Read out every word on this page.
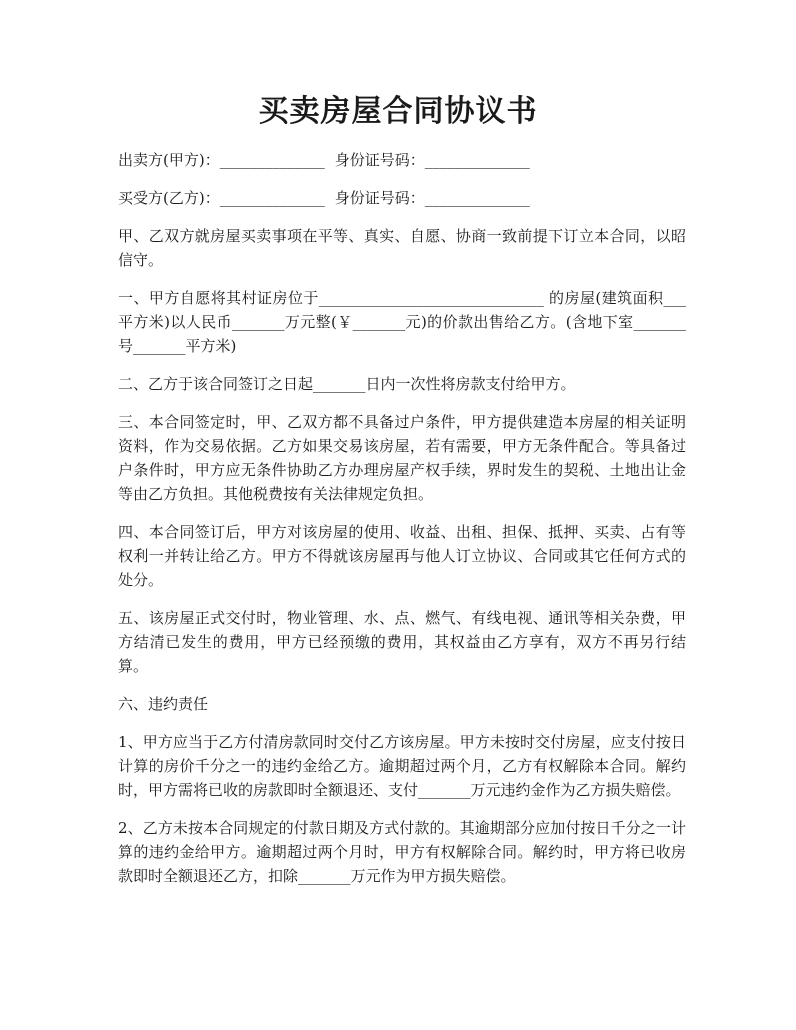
买卖房屋合同协议书
出卖方(甲方)：______________ 身份证号码：______________
买受方(乙方)：______________ 身份证号码：______________

甲、乙双方就房屋买卖事项在平等、真实、自愿、协商一致前提下订立本合同，以昭信守。

一、甲方自愿将其村证房位于______________________________ 的房屋(建筑面积___ 平方米)以人民币_______万元整(￥_______元)的价款出售给乙方。(含地下室_______号_______平方米)

二、乙方于该合同签订之日起_______日内一次性将房款支付给甲方。

三、本合同签定时，甲、乙双方都不具备过户条件，甲方提供建造本房屋的相关证明资料，作为交易依据。乙方如果交易该房屋，若有需要，甲方无条件配合。等具备过户条件时，甲方应无条件协助乙方办理房屋产权手续，界时发生的契税、土地出让金等由乙方负担。其他税费按有关法律规定负担。

四、本合同签订后，甲方对该房屋的使用、收益、出租、担保、抵押、买卖、占有等权利一并转让给乙方。甲方不得就该房屋再与他人订立协议、合同或其它任何方式的处分。

五、该房屋正式交付时，物业管理、水、点、燃气、有线电视、通讯等相关杂费，甲方结清已发生的费用，甲方已经预缴的费用，其权益由乙方享有，双方不再另行结算。

六、违约责任

1、甲方应当于乙方付清房款同时交付乙方该房屋。甲方未按时交付房屋，应支付按日计算的房价千分之一的违约金给乙方。逾期超过两个月，乙方有权解除本合同。解约时，甲方需将已收的房款即时全额退还、支付_______万元违约金作为乙方损失赔偿。

2、乙方未按本合同规定的付款日期及方式付款的。其逾期部分应加付按日千分之一计算的违约金给甲方。逾期超过两个月时，甲方有权解除合同。解约时，甲方将已收房款即时全额退还乙方，扣除_______万元作为甲方损失赔偿。
